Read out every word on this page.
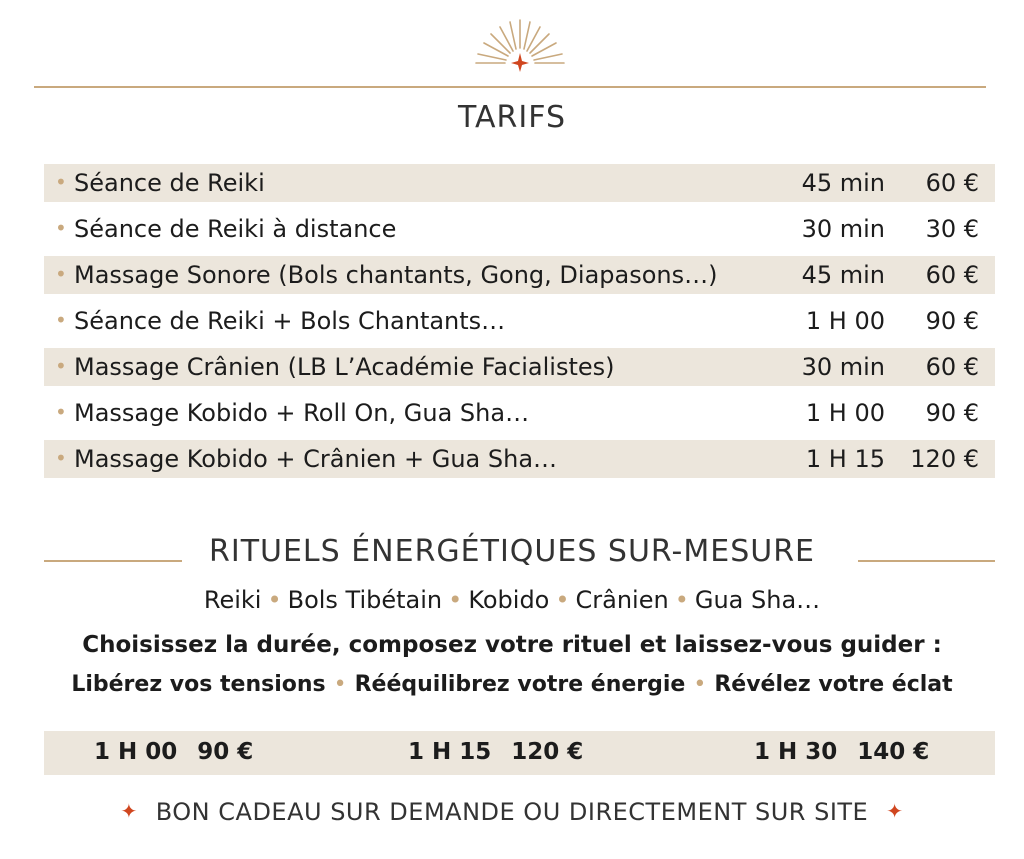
TARIFS
• Séance de Reiki	45 min 60 €
• Séance de Reiki à distance	30 min 30 €
• Massage Sonore (Bols chantants, Gong, Diapasons…)	45 min 60 €
• Séance de Reiki + Bols Chantants…	1 H 00 90 €
• Massage Crânien (LB L’Académie Facialistes)	30 min 60 €
• Massage Kobido + Roll On, Gua Sha…	1 H 00 90 €
• Massage Kobido + Crânien + Gua Sha…	1 H 15 120 €
RITUELS ÉNERGÉTIQUES SUR-MESURE
Reiki • Bols Tibétain • Kobido • Crânien • Gua Sha…
Choisissez la durée, composez votre rituel et laissez-vous guider :
Libérez vos tensions • Rééquilibrez votre énergie • Révélez votre éclat
1 H 00 90 €	1 H 15 120 €	1 H 30 140 €
✦ BON CADEAU SUR DEMANDE OU DIRECTEMENT SUR SITE ✦
